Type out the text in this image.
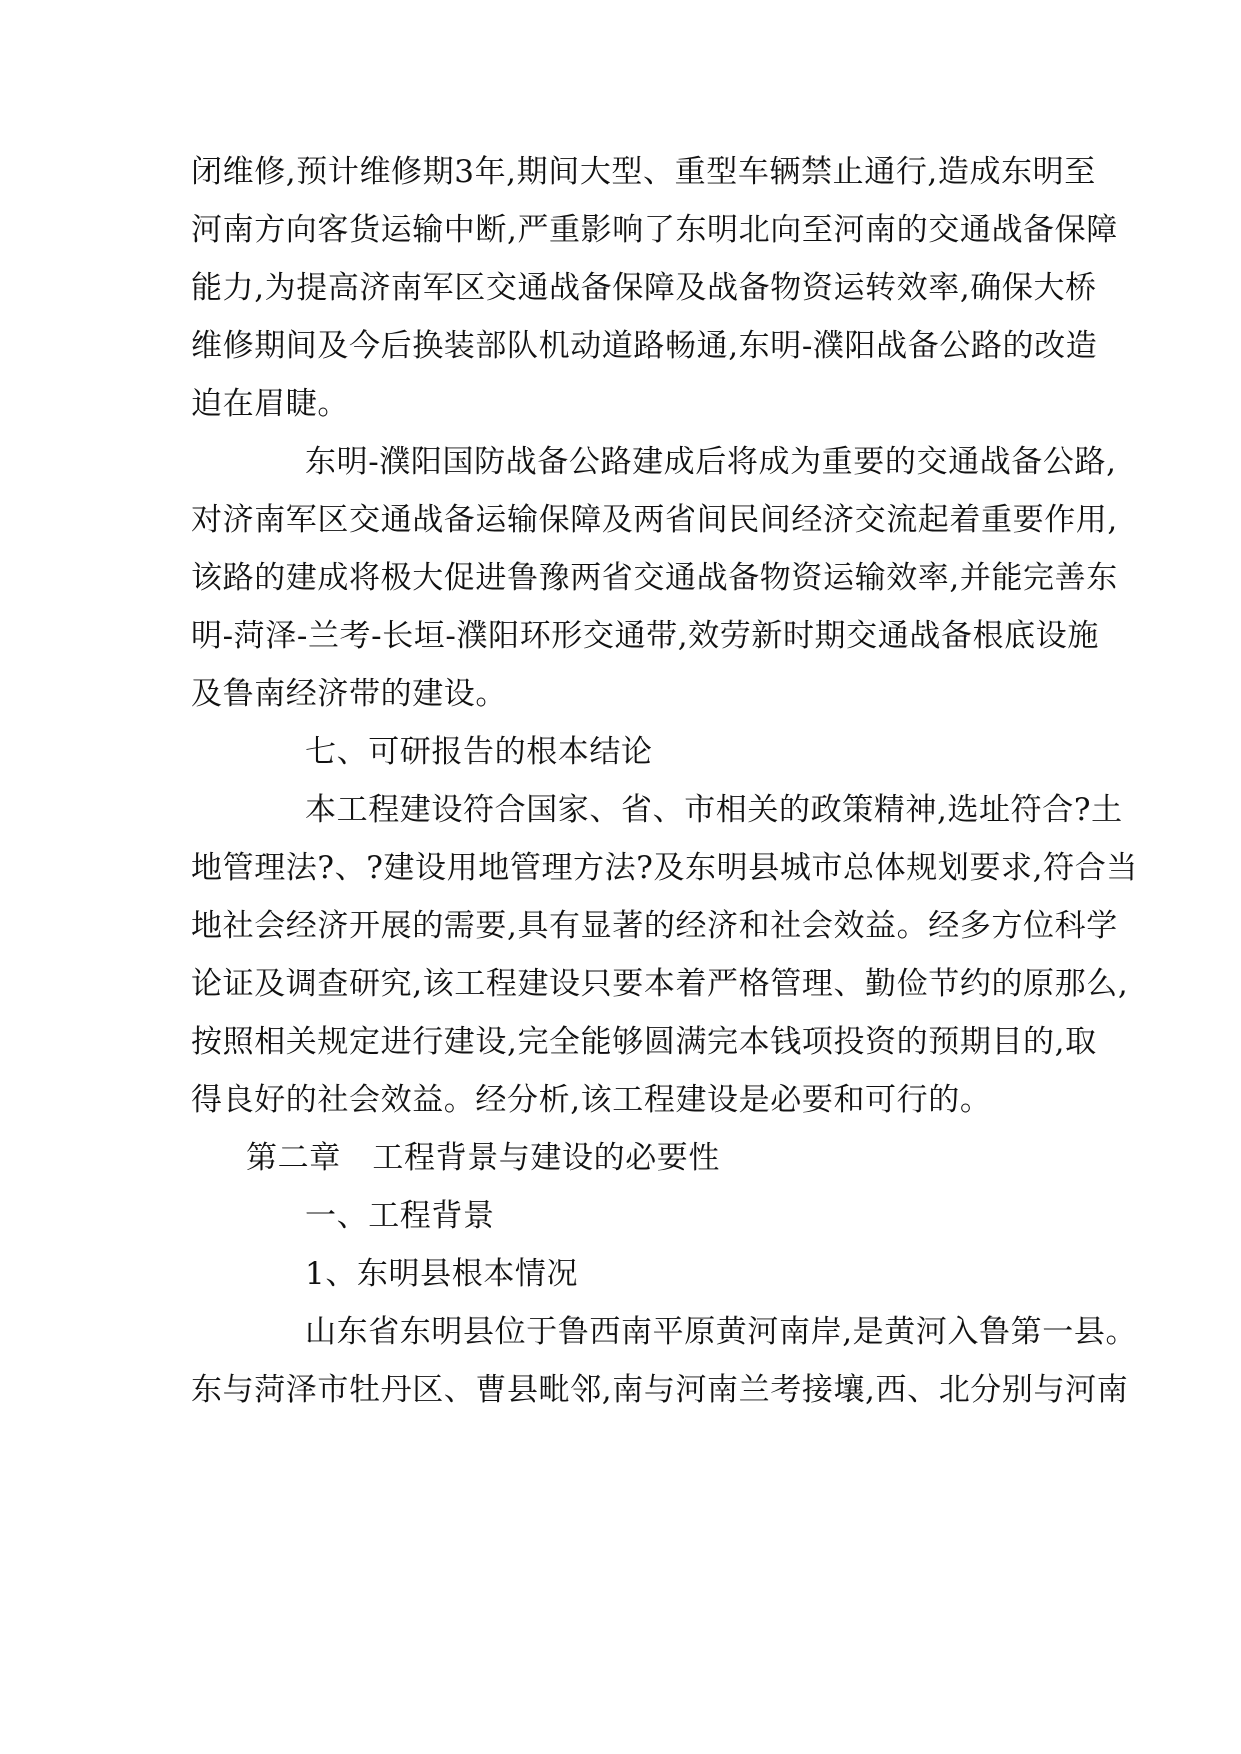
闭维修,预计维修期3年,期间大型、重型车辆禁止通行,造成东明至
河南方向客货运输中断,严重影响了东明北向至河南的交通战备保障
能力,为提高济南军区交通战备保障及战备物资运转效率,确保大桥
维修期间及今后换装部队机动道路畅通,东明-濮阳战备公路的改造
迫在眉睫。
东明-濮阳国防战备公路建成后将成为重要的交通战备公路,
对济南军区交通战备运输保障及两省间民间经济交流起着重要作用,
该路的建成将极大促进鲁豫两省交通战备物资运输效率,并能完善东
明-菏泽-兰考-长垣-濮阳环形交通带,效劳新时期交通战备根底设施
及鲁南经济带的建设。
七、可研报告的根本结论
本工程建设符合国家、省、市相关的政策精神,选址符合?土
地管理法?、?建设用地管理方法?及东明县城市总体规划要求,符合当
地社会经济开展的需要,具有显著的经济和社会效益。经多方位科学
论证及调查研究,该工程建设只要本着严格管理、勤俭节约的原那么,
按照相关规定进行建设,完全能够圆满完本钱项投资的预期目的,取
得良好的社会效益。经分析,该工程建设是必要和可行的。
第二章　工程背景与建设的必要性
一、工程背景
1、东明县根本情况
山东省东明县位于鲁西南平原黄河南岸,是黄河入鲁第一县。
东与菏泽市牡丹区、曹县毗邻,南与河南兰考接壤,西、北分别与河南
